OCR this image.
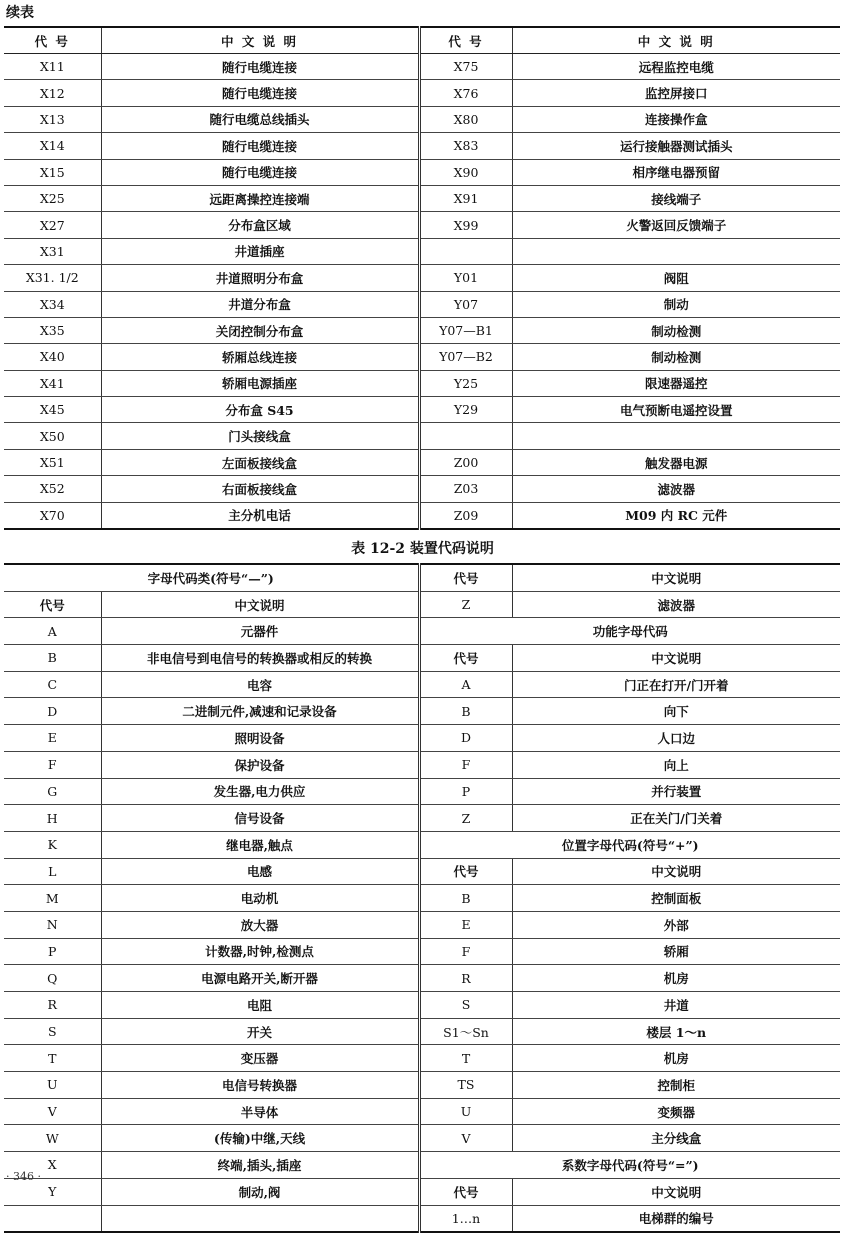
续表
代 号	中 文 说 明	代 号	中 文 说 明
X11	随行电缆连接	X75	远程监控电缆
X12	随行电缆连接	X76	监控屏接口
X13	随行电缆总线插头	X80	连接操作盒
X14	随行电缆连接	X83	运行接触器测试插头
X15	随行电缆连接	X90	相序继电器预留
X25	远距离操控连接端	X91	接线端子
X27	分布盒区域	X99	火警返回反馈端子
X31	井道插座		
X31. 1/2	井道照明分布盒	Y01	阀阻
X34	井道分布盒	Y07	制动
X35	关闭控制分布盒	Y07—B1	制动检测
X40	轿厢总线连接	Y07—B2	制动检测
X41	轿厢电源插座	Y25	限速器遥控
X45	分布盒 S45	Y29	电气预断电遥控设置
X50	门头接线盒		
X51	左面板接线盒	Z00	触发器电源
X52	右面板接线盒	Z03	滤波器
X70	主分机电话	Z09	M09 内 RC 元件
表 12-2 装置代码说明
字母代码类(符号“—”)		代号	中文说明
代号	中文说明	Z	滤波器
A	元器件	功能字母代码	
B	非电信号到电信号的转换器或相反的转换	代号	中文说明
C	电容	A	门正在打开/门开着
D	二进制元件,减速和记录设备	B	向下
E	照明设备	D	人口边
F	保护设备	F	向上
G	发生器,电力供应	P	并行装置
H	信号设备	Z	正在关门/门关着
K	继电器,触点	位置字母代码(符号“+”)	
L	电感	代号	中文说明
M	电动机	B	控制面板
N	放大器	E	外部
P	计数器,时钟,检测点	F	轿厢
Q	电源电路开关,断开器	R	机房
R	电阻	S	井道
S	开关	S1～Sn	楼层 1～n
T	变压器	T	机房
U	电信号转换器	TS	控制柜
V	半导体	U	变频器
W	(传输)中继,天线	V	主分线盒
X	终端,插头,插座	系数字母代码(符号“=”)	
Y	制动,阀	代号	中文说明
		1…n	电梯群的编号
· 346 ·
